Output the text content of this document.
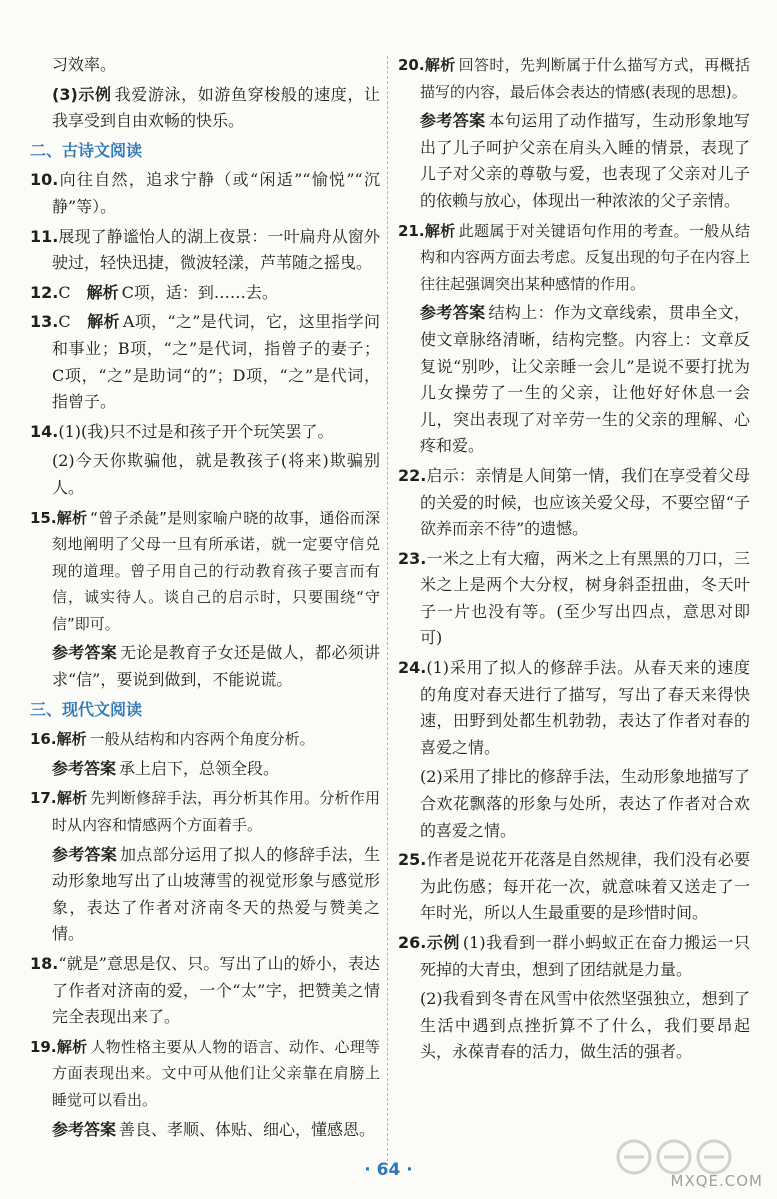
习效率。
(3)示例 我爱游泳，如游鱼穿梭般的速度，让我享受到自由欢畅的快乐。
二、古诗文阅读
10.向往自然，追求宁静（或“闲适”“愉悦”“沉静”等）。
11.展现了静谧怡人的湖上夜景：一叶扁舟从窗外驶过，轻快迅捷，微波轻漾，芦苇随之摇曳。
12.C　 解析 C项，适：到……去。
13.C　 解析 A项，“之”是代词，它，这里指学问和事业；B项，“之”是代词，指曾子的妻子；C项，“之”是助词“的”；D项，“之”是代词，指曾子。
14.(1)(我)只不过是和孩子开个玩笑罢了。
(2)今天你欺骗他，就是教孩子(将来)欺骗别人。
15.解析 “曾子杀彘”是则家喻户晓的故事，通俗而深刻地阐明了父母一旦有所承诺，就一定要守信兑现的道理。曾子用自己的行动教育孩子要言而有信，诚实待人。谈自己的启示时，只要围绕“守信”即可。
参考答案 无论是教育子女还是做人，都必须讲求“信”，要说到做到，不能说谎。
三、现代文阅读
16.解析 一般从结构和内容两个角度分析。
参考答案 承上启下，总领全段。
17.解析 先判断修辞手法，再分析其作用。分析作用时从内容和情感两个方面着手。
参考答案 加点部分运用了拟人的修辞手法，生动形象地写出了山坡薄雪的视觉形象与感觉形象，表达了作者对济南冬天的热爱与赞美之情。
18.“就是”意思是仅、只。写出了山的娇小，表达了作者对济南的爱，一个“太”字，把赞美之情完全表现出来了。
19.解析 人物性格主要从人物的语言、动作、心理等方面表现出来。文中可从他们让父亲靠在肩膀上睡觉可以看出。
参考答案 善良、孝顺、体贴、细心，懂感恩。
20.解析 回答时，先判断属于什么描写方式，再概括描写的内容，最后体会表达的情感(表现的思想)。
参考答案 本句运用了动作描写，生动形象地写出了儿子呵护父亲在肩头入睡的情景，表现了儿子对父亲的尊敬与爱，也表现了父亲对儿子的依赖与放心，体现出一种浓浓的父子亲情。
21.解析 此题属于对关键语句作用的考查。一般从结构和内容两方面去考虑。反复出现的句子在内容上往往起强调突出某种感情的作用。
参考答案 结构上：作为文章线索，贯串全文，使文章脉络清晰，结构完整。内容上：文章反复说“别吵，让父亲睡一会儿”是说不要打扰为儿女操劳了一生的父亲，让他好好休息一会儿，突出表现了对辛劳一生的父亲的理解、心疼和爱。
22.启示：亲情是人间第一情，我们在享受着父母的关爱的时候，也应该关爱父母，不要空留“子欲养而亲不待”的遗憾。
23.一米之上有大瘤，两米之上有黑黑的刀口，三米之上是两个大分杈，树身斜歪扭曲，冬天叶子一片也没有等。(至少写出四点，意思对即可)
24.(1)采用了拟人的修辞手法。从春天来的速度的角度对春天进行了描写，写出了春天来得快速，田野到处都生机勃勃，表达了作者对春的喜爱之情。
(2)采用了排比的修辞手法，生动形象地描写了合欢花飘落的形象与处所，表达了作者对合欢的喜爱之情。
25.作者是说花开花落是自然规律，我们没有必要为此伤感；每开花一次，就意味着又送走了一年时光，所以人生最重要的是珍惜时间。
26.示例 (1)我看到一群小蚂蚁正在奋力搬运一只死掉的大青虫，想到了团结就是力量。
(2)我看到冬青在风雪中依然坚强独立，想到了生活中遇到点挫折算不了什么，我们要昂起头，永葆青春的活力，做生活的强者。
· 64 ·
MXQE.COM
